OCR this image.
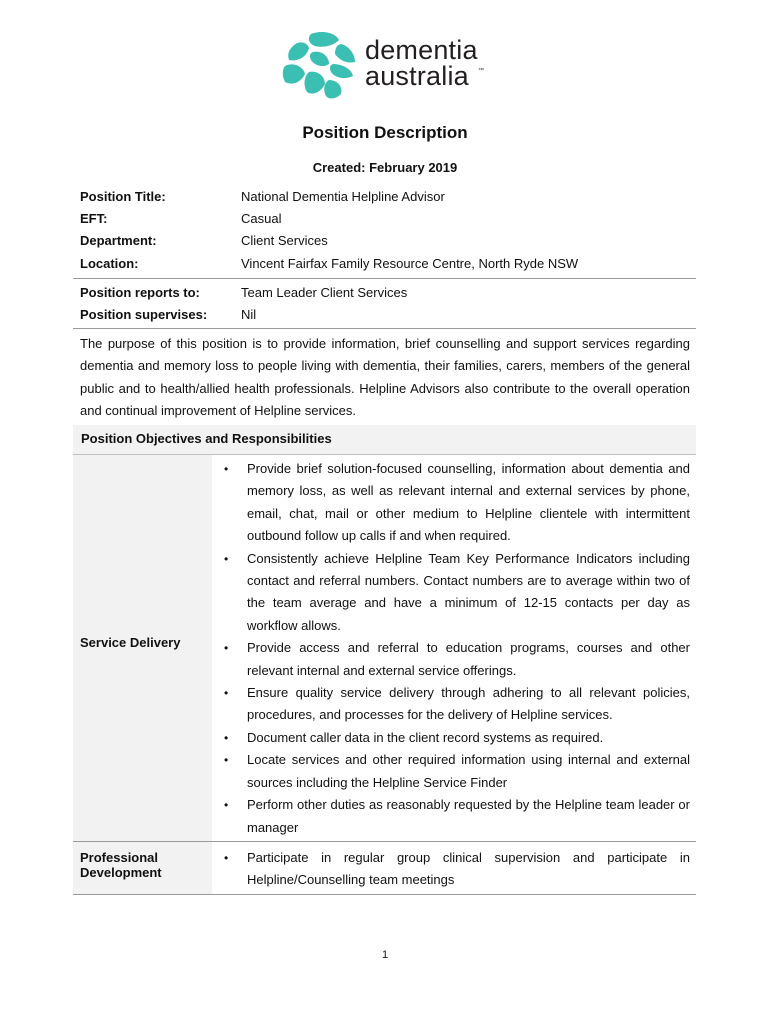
dementia
australia ™
Position Description
Created: February 2019
Position Title:	National Dementia Helpline Advisor
EFT:	Casual
Department:	Client Services
Location:	Vincent Fairfax Family Resource Centre, North Ryde NSW
Position reports to:	Team Leader Client Services
Position supervises:	Nil
The purpose of this position is to provide information, brief counselling and support services regarding dementia and memory loss to people living with dementia, their families, carers, members of the general public and to health/allied health professionals. Helpline Advisors also contribute to the overall operation and continual improvement of Helpline services.
Position Objectives and Responsibilities
Service Delivery
• Provide brief solution-focused counselling, information about dementia and memory loss, as well as relevant internal and external services by phone, email, chat, mail or other medium to Helpline clientele with intermittent outbound follow up calls if and when required.
• Consistently achieve Helpline Team Key Performance Indicators including contact and referral numbers. Contact numbers are to average within two of the team average and have a minimum of 12-15 contacts per day as workflow allows.
• Provide access and referral to education programs, courses and other relevant internal and external service offerings.
• Ensure quality service delivery through adhering to all relevant policies, procedures, and processes for the delivery of Helpline services.
• Document caller data in the client record systems as required.
• Locate services and other required information using internal and external sources including the Helpline Service Finder
• Perform other duties as reasonably requested by the Helpline team leader or manager
Professional Development
• Participate in regular group clinical supervision and participate in Helpline/Counselling team meetings
1
